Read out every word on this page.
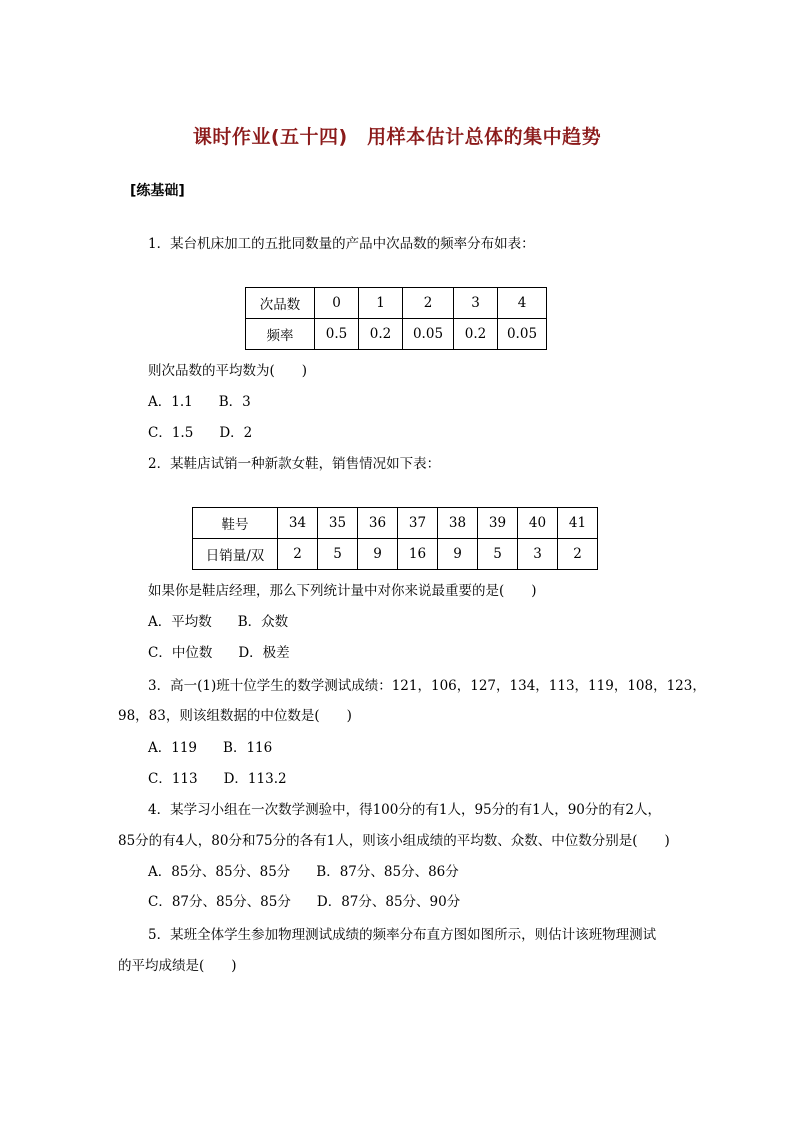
课时作业(五十四)　用样本估计总体的集中趋势
[练基础]
1．某台机床加工的五批同数量的产品中次品数的频率分布如表：
次品数	0	1	2	3	4
频率	0.5	0.2	0.05	0.2	0.05
则次品数的平均数为(　　)
A．1.1 B．3
C．1.5 D．2
2．某鞋店试销一种新款女鞋，销售情况如下表：
鞋号	34	35	36	37	38	39	40	41
日销量/双	2	5	9	16	9	5	3	2
如果你是鞋店经理，那么下列统计量中对你来说最重要的是(　　)
A．平均数 B．众数
C．中位数 D．极差
3．高一(1)班十位学生的数学测试成绩：121，106，127，134，113，119，108，123，
98，83，则该组数据的中位数是(　　)
A．119 B．116
C．113 D．113.2
4．某学习小组在一次数学测验中，得100分的有1人，95分的有1人，90分的有2人，
85分的有4人，80分和75分的各有1人，则该小组成绩的平均数、众数、中位数分别是(　　)
A．85分、85分、85分 B．87分、85分、86分
C．87分、85分、85分 D．87分、85分、90分
5．某班全体学生参加物理测试成绩的频率分布直方图如图所示，则估计该班物理测试
的平均成绩是(　　)
